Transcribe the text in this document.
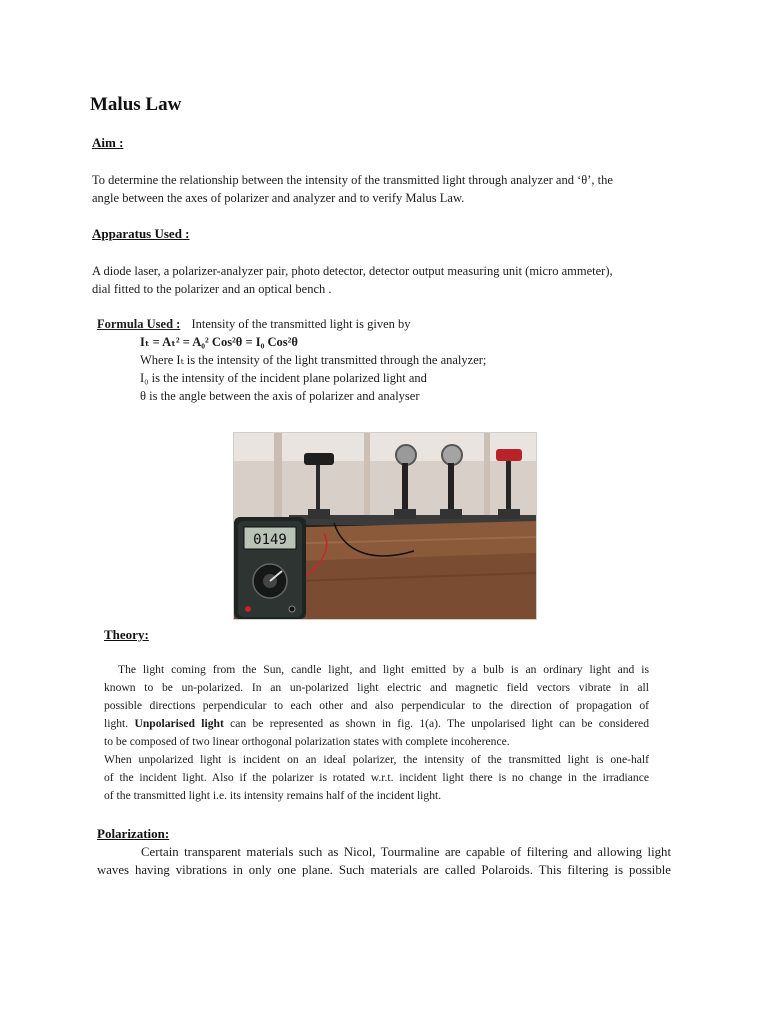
Malus Law
Aim :
To determine the relationship between the intensity of the transmitted light through analyzer and ‘θ’, the
angle between the axes of polarizer and analyzer and to verify Malus Law.
Apparatus Used :
A diode laser, a polarizer-analyzer pair, photo detector, detector output measuring unit (micro ammeter),
dial fitted to the polarizer and an optical bench .
Formula Used : Intensity of the transmitted light is given by
Iₜ = Aₜ² = A₀² Cos²θ = I₀ Cos²θ
Where Iₜ is the intensity of the light transmitted through the analyzer;
I₀ is the intensity of the incident plane polarized light and
θ is the angle between the axis of polarizer and analyser
0149
Theory:
The light coming from the Sun, candle light, and light emitted by a bulb is an ordinary light and is
known to be un-polarized. In an un-polarized light electric and magnetic field vectors vibrate in all
possible directions perpendicular to each other and also perpendicular to the direction of propagation of
light. Unpolarised light can be represented as shown in fig. 1(a). The unpolarised light can be considered
to be composed of two linear orthogonal polarization states with complete incoherence.
When unpolarized light is incident on an ideal polarizer, the intensity of the transmitted light is one-half
of the incident light. Also if the polarizer is rotated w.r.t. incident light there is no change in the irradiance
of the transmitted light i.e. its intensity remains half of the incident light.
Polarization:
Certain transparent materials such as Nicol, Tourmaline are capable of filtering and allowing light
waves having vibrations in only one plane. Such materials are called Polaroids. This filtering is possible
